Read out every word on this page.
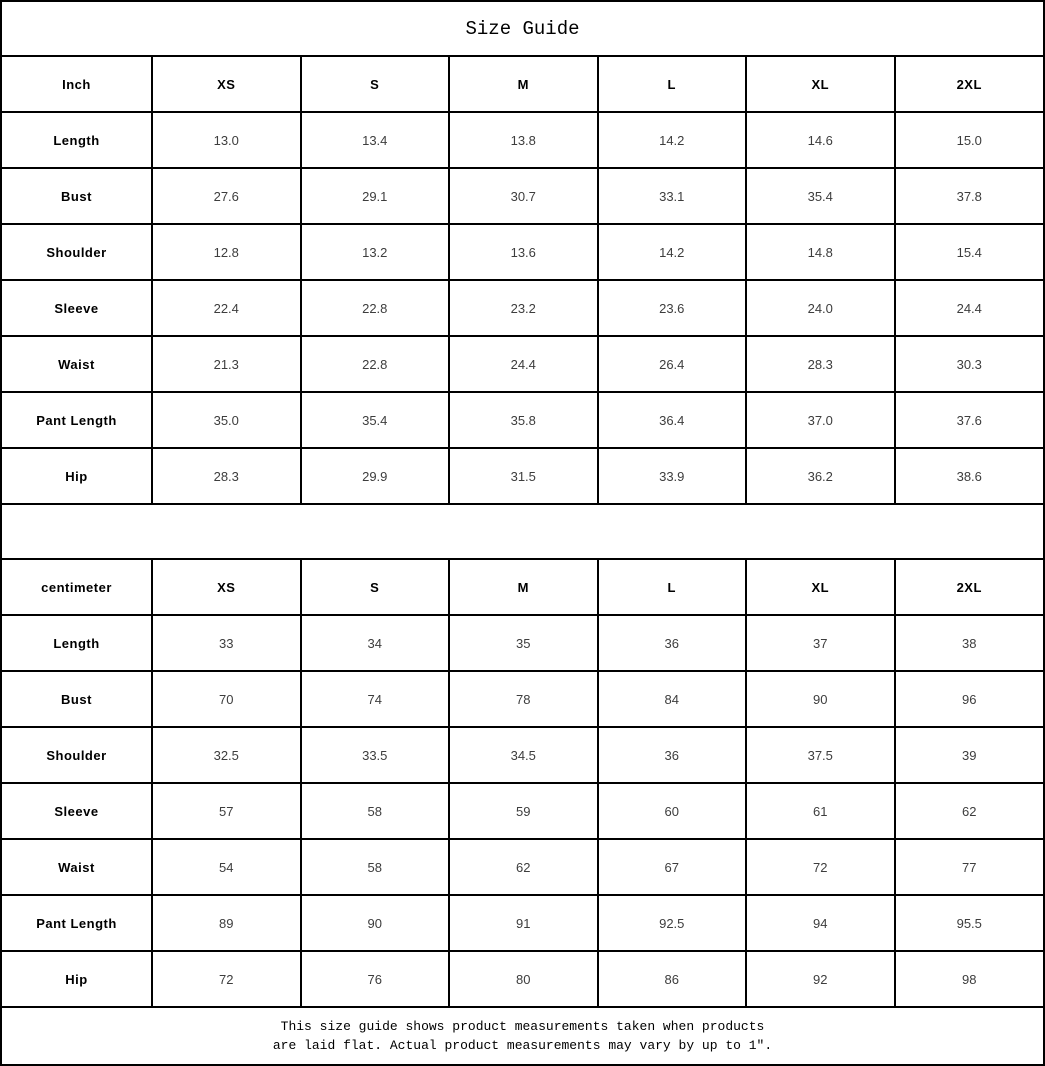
Size Guide
Inch	XS	S	M	L	XL	2XL
Length	13.0	13.4	13.8	14.2	14.6	15.0
Bust	27.6	29.1	30.7	33.1	35.4	37.8
Shoulder	12.8	13.2	13.6	14.2	14.8	15.4
Sleeve	22.4	22.8	23.2	23.6	24.0	24.4
Waist	21.3	22.8	24.4	26.4	28.3	30.3
Pant Length	35.0	35.4	35.8	36.4	37.0	37.6
Hip	28.3	29.9	31.5	33.9	36.2	38.6
centimeter	XS	S	M	L	XL	2XL
Length	33	34	35	36	37	38
Bust	70	74	78	84	90	96
Shoulder	32.5	33.5	34.5	36	37.5	39
Sleeve	57	58	59	60	61	62
Waist	54	58	62	67	72	77
Pant Length	89	90	91	92.5	94	95.5
Hip	72	76	80	86	92	98
This size guide shows product measurements taken when products
are laid flat. Actual product measurements may vary by up to 1″.
